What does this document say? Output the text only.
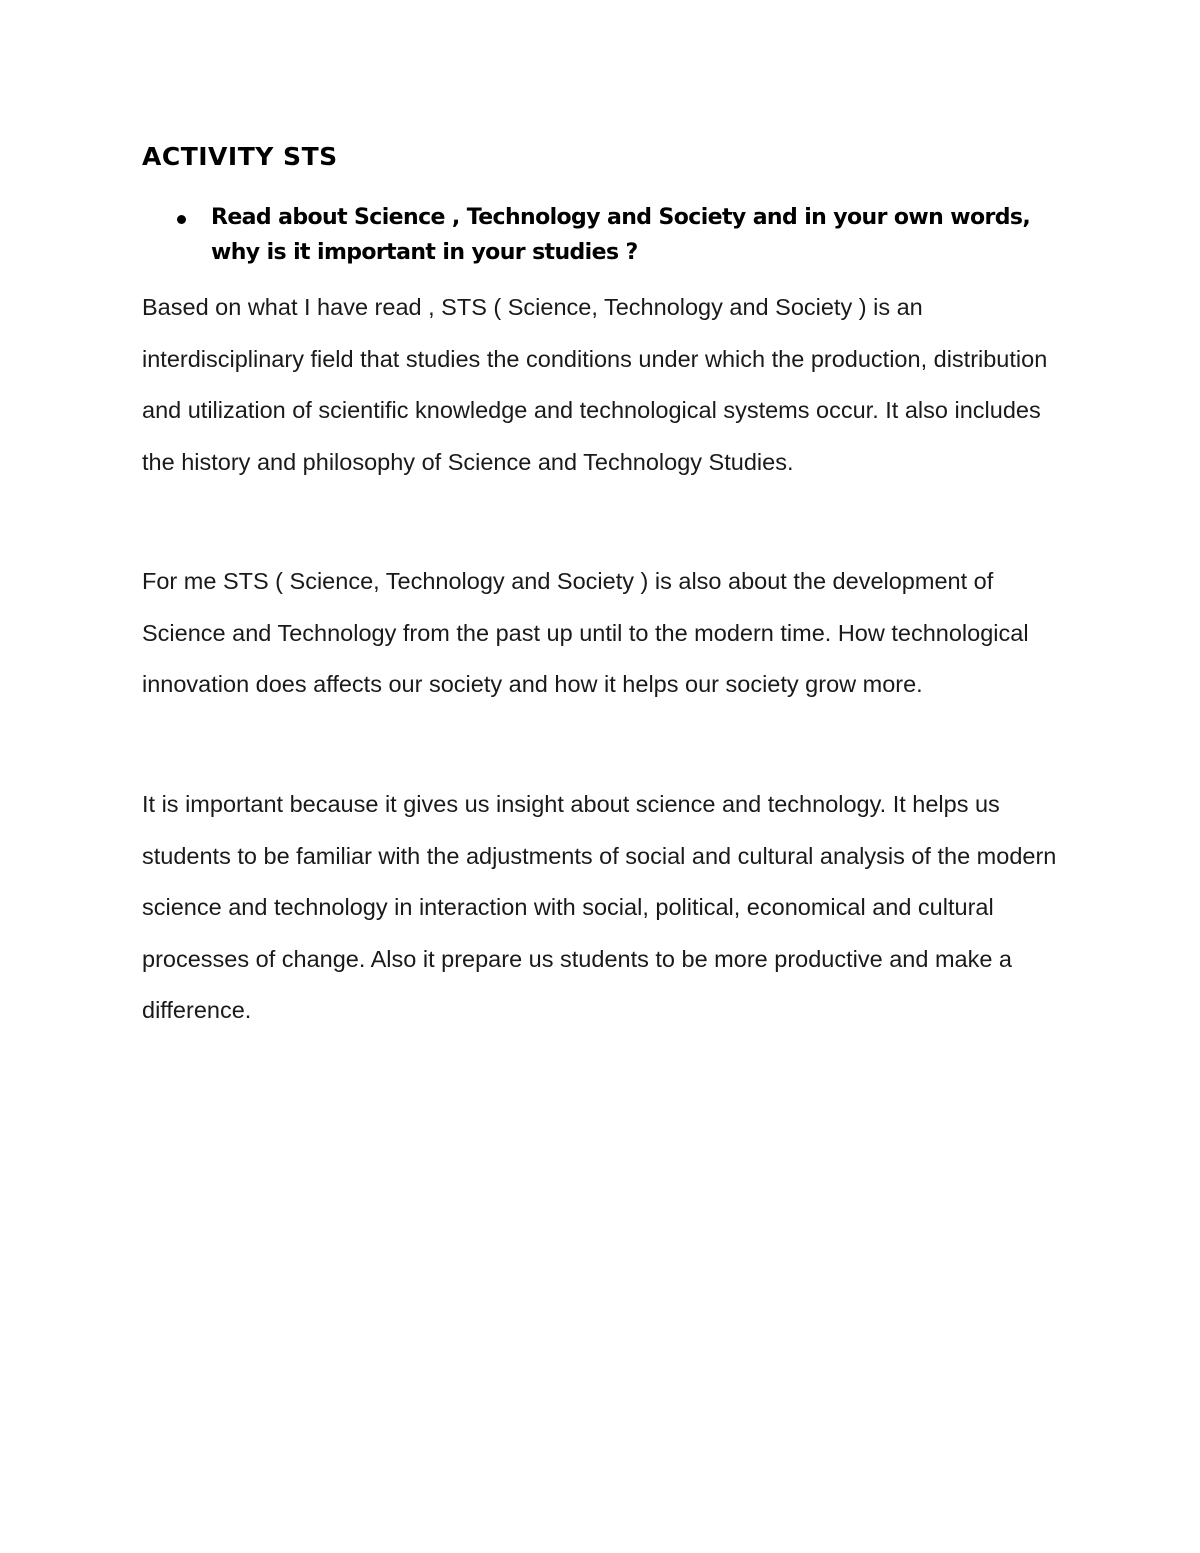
ACTIVITY STS

Read about Science , Technology and Society and in your own words, why is it important in your studies ?

Based on what I have read , STS ( Science, Technology and Society ) is an interdisciplinary field that studies the conditions under which the production, distribution and utilization of scientific knowledge and technological systems occur. It also includes the history and philosophy of Science and Technology Studies.

For me STS ( Science, Technology and Society ) is also about the development of Science and Technology from the past up until to the modern time. How technological innovation does affects our society and how it helps our society grow more.

It is important because it gives us insight about science and technology. It helps us students to be familiar with the adjustments of social and cultural analysis of the modern science and technology in interaction with social, political, economical and cultural processes of change. Also it prepare us students to be more productive and make a difference.
